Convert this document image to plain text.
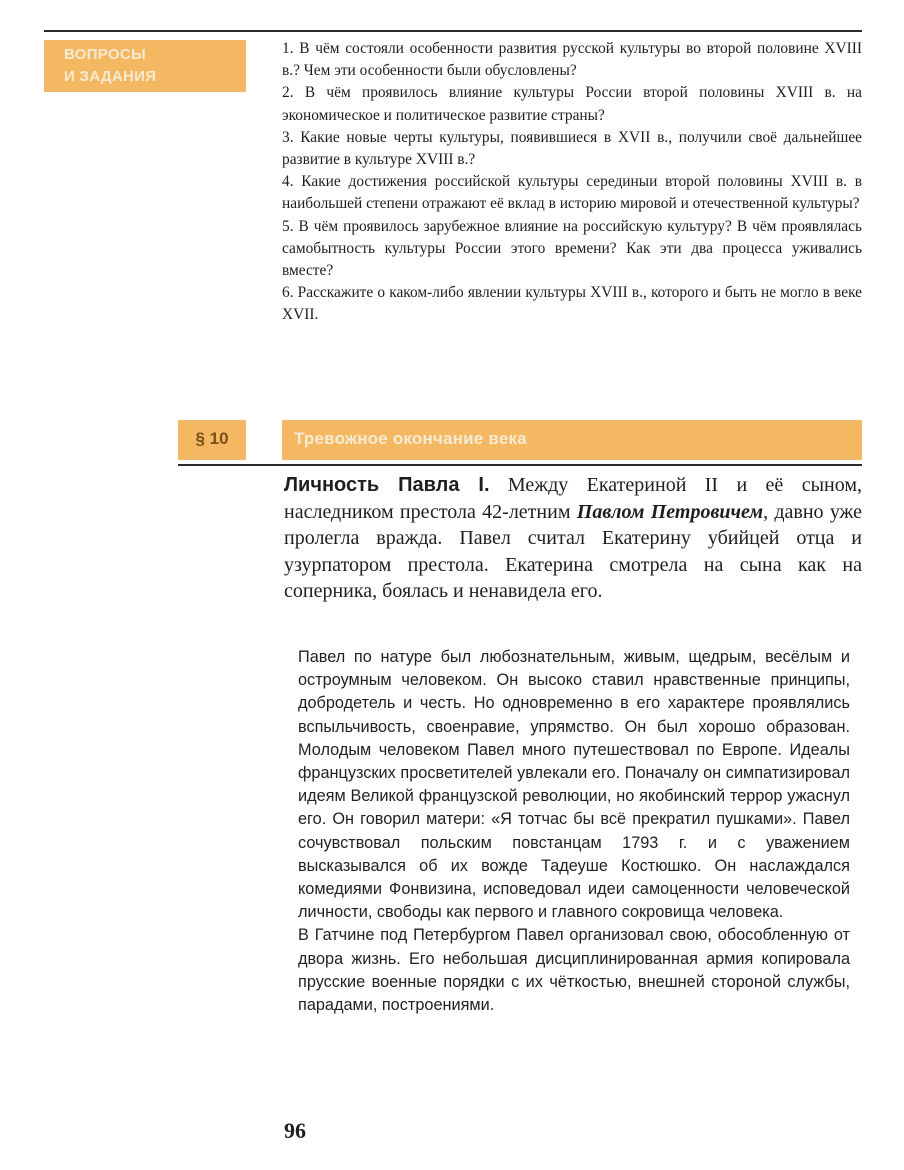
ВОПРОСЫ
И ЗАДАНИЯ

1. В чём состояли особенности развития русской культуры во второй половине XVIII в.? Чем эти особенности были обусловлены?

2. В чём проявилось влияние культуры России второй половины XVIII в. на экономическое и политическое развитие страны?

3. Какие новые черты культуры, появившиеся в XVII в., получили своё дальнейшее развитие в культуре XVIII в.?

4. Какие достижения российской культуры серединыи второй половины XVIII в. в наибольшей степени отражают её вклад в историю мировой и отечественной культуры?

5. В чём проявилось зарубежное влияние на российскую культуру? В чём проявлялась самобытность культуры России этого времени? Как эти два процесса уживались вместе?

6. Расскажите о каком-либо явлении культуры XVIII в., которого и быть не могло в веке XVII.

§ 10	Тревожное окончание века

Личность Павла I. Между Екатериной II и её сыном, наследником престола 42-летним Павлом Петровичем, давно уже пролегла вражда. Павел считал Екатерину убийцей отца и узурпатором престола. Екатерина смотрела на сына как на соперника, боялась и ненавидела его.

Павел по натуре был любознательным, живым, щедрым, весёлым и остроумным человеком. Он высоко ставил нравственные принципы, добродетель и честь. Но одновременно в его характере проявлялись вспыльчивость, своенравие, упрямство. Он был хорошо образован. Молодым человеком Павел много путешествовал по Европе. Идеалы французских просветителей увлекали его. Поначалу он симпатизировал идеям Великой французской революции, но якобинский террор ужаснул его. Он говорил матери: «Я тотчас бы всё прекратил пушками». Павел сочувствовал польским повстанцам 1793 г. и с уважением высказывался об их вожде Тадеуше Костюшко. Он наслаждался комедиями Фонвизина, исповедовал идеи самоценности человеческой личности, свободы как первого и главного сокровища человека.

В Гатчине под Петербургом Павел организовал свою, обособленную от двора жизнь. Его небольшая дисциплинированная армия копировала прусские военные порядки с их чёткостью, внешней стороной службы, парадами, построениями.

96
